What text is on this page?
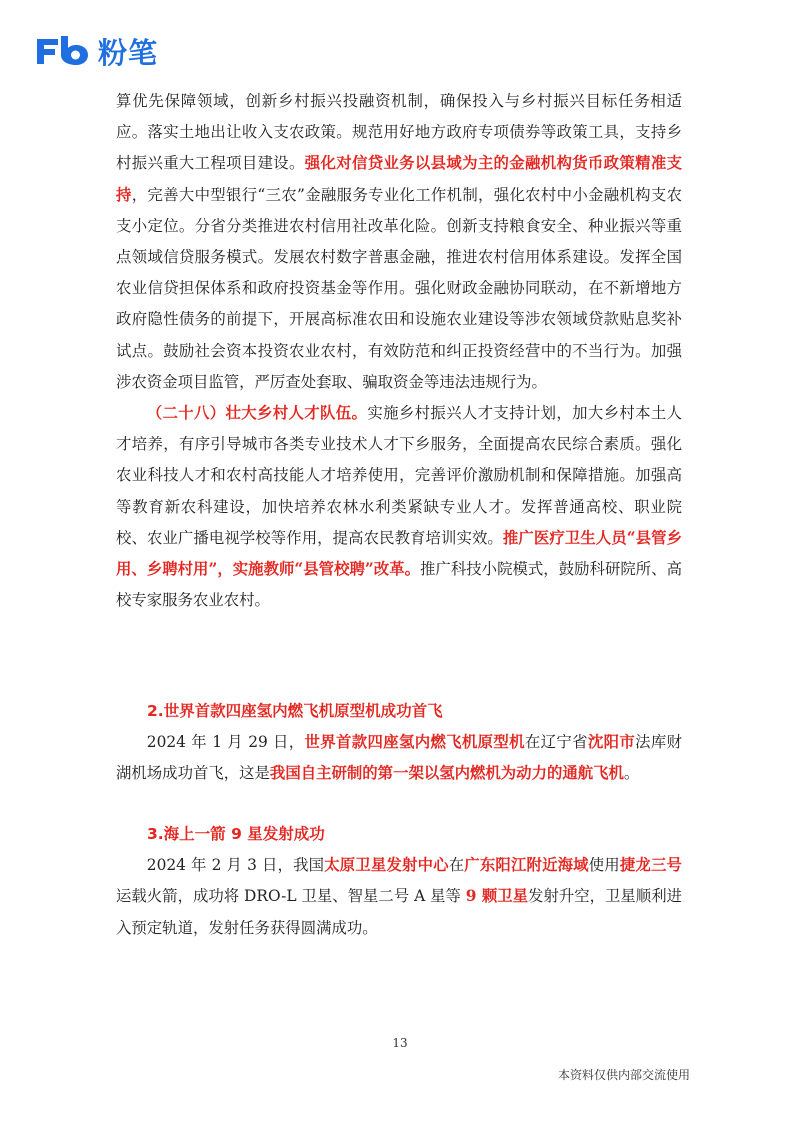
粉笔

算优先保障领域，创新乡村振兴投融资机制，确保投入与乡村振兴目标任务相适应。落实土地出让收入支农政策。规范用好地方政府专项债券等政策工具，支持乡村振兴重大工程项目建设。强化对信贷业务以县域为主的金融机构货币政策精准支持，完善大中型银行“三农”金融服务专业化工作机制，强化农村中小金融机构支农支小定位。分省分类推进农村信用社改革化险。创新支持粮食安全、种业振兴等重点领域信贷服务模式。发展农村数字普惠金融，推进农村信用体系建设。发挥全国农业信贷担保体系和政府投资基金等作用。强化财政金融协同联动，在不新增地方政府隐性债务的前提下，开展高标准农田和设施农业建设等涉农领域贷款贴息奖补试点。鼓励社会资本投资农业农村，有效防范和纠正投资经营中的不当行为。加强涉农资金项目监管，严厉查处套取、骗取资金等违法违规行为。

（二十八）壮大乡村人才队伍。实施乡村振兴人才支持计划，加大乡村本土人才培养，有序引导城市各类专业技术人才下乡服务，全面提高农民综合素质。强化农业科技人才和农村高技能人才培养使用，完善评价激励机制和保障措施。加强高等教育新农科建设，加快培养农林水利类紧缺专业人才。发挥普通高校、职业院校、农业广播电视学校等作用，提高农民教育培训实效。推广医疗卫生人员“县管乡用、乡聘村用”，实施教师“县管校聘”改革。推广科技小院模式，鼓励科研院所、高校专家服务农业农村。

2.世界首款四座氢内燃飞机原型机成功首飞

2024 年 1 月 29 日，世界首款四座氢内燃飞机原型机在辽宁省沈阳市法库财湖机场成功首飞，这是我国自主研制的第一架以氢内燃机为动力的通航飞机。

3.海上一箭 9 星发射成功

2024 年 2 月 3 日，我国太原卫星发射中心在广东阳江附近海域使用捷龙三号运载火箭，成功将 DRO-L 卫星、智星二号 A 星等 9 颗卫星发射升空，卫星顺利进入预定轨道，发射任务获得圆满成功。

13
本资料仅供内部交流使用
